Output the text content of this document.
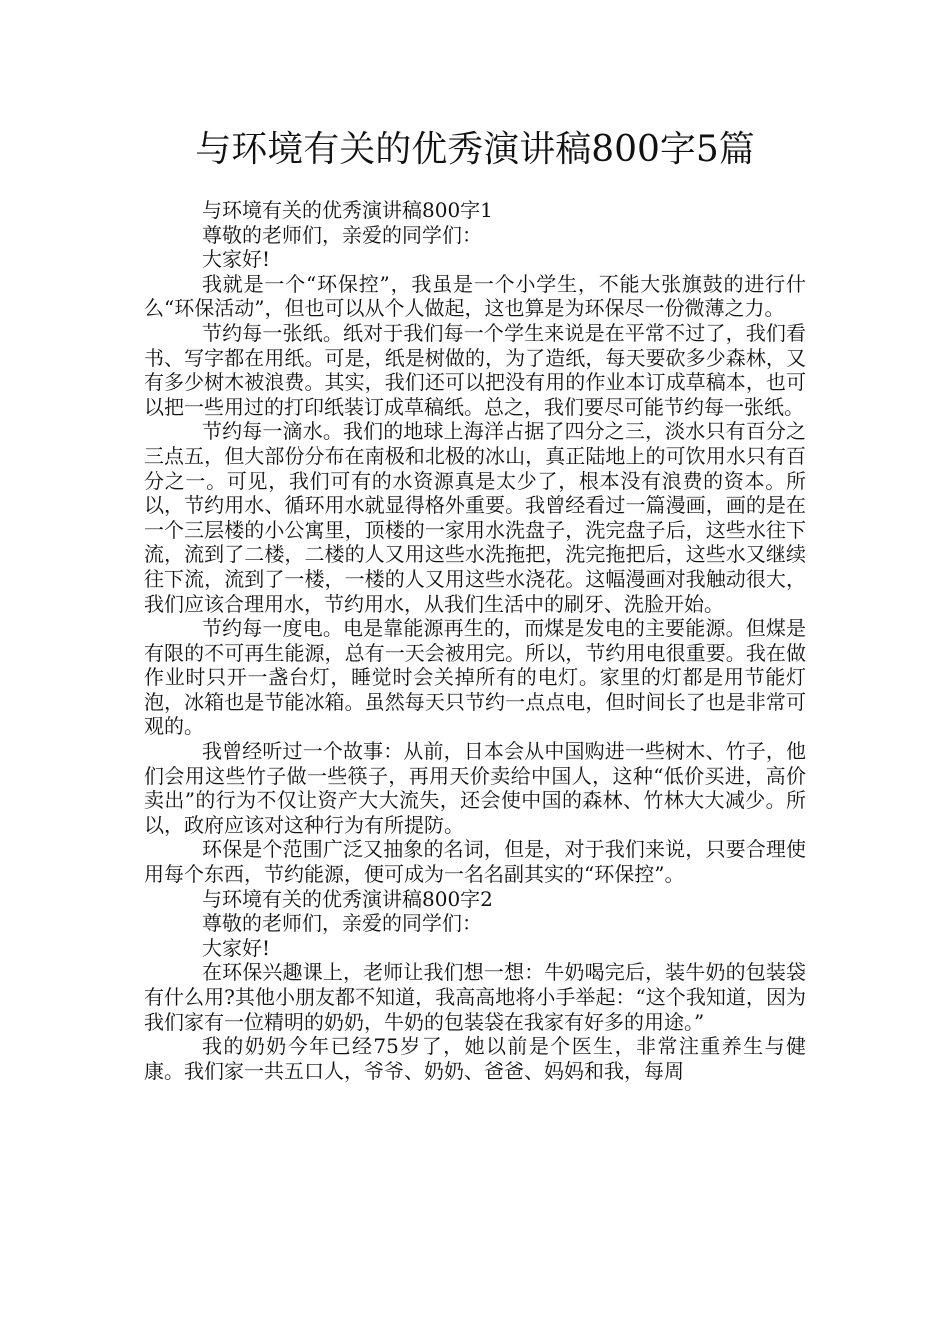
与环境有关的优秀演讲稿800字5篇

与环境有关的优秀演讲稿800字1

尊敬的老师们，亲爱的同学们：

大家好!

我就是一个“环保控”，我虽是一个小学生，不能大张旗鼓的进行什么“环保活动”，但也可以从个人做起，这也算是为环保尽一份微薄之力。

节约每一张纸。纸对于我们每一个学生来说是在平常不过了，我们看书、写字都在用纸。可是，纸是树做的，为了造纸，每天要砍多少森林，又有多少树木被浪费。其实，我们还可以把没有用的作业本订成草稿本，也可以把一些用过的打印纸装订成草稿纸。总之，我们要尽可能节约每一张纸。

节约每一滴水。我们的地球上海洋占据了四分之三，淡水只有百分之三点五，但大部份分布在南极和北极的冰山，真正陆地上的可饮用水只有百分之一。可见，我们可有的水资源真是太少了，根本没有浪费的资本。所以，节约用水、循环用水就显得格外重要。我曾经看过一篇漫画，画的是在一个三层楼的小公寓里，顶楼的一家用水洗盘子，洗完盘子后，这些水往下流，流到了二楼，二楼的人又用这些水洗拖把，洗完拖把后，这些水又继续往下流，流到了一楼，一楼的人又用这些水浇花。这幅漫画对我触动很大，我们应该合理用水，节约用水，从我们生活中的刷牙、洗脸开始。

节约每一度电。电是靠能源再生的，而煤是发电的主要能源。但煤是有限的不可再生能源，总有一天会被用完。所以，节约用电很重要。我在做作业时只开一盏台灯，睡觉时会关掉所有的电灯。家里的灯都是用节能灯泡，冰箱也是节能冰箱。虽然每天只节约一点点电，但时间长了也是非常可观的。

我曾经听过一个故事：从前，日本会从中国购进一些树木、竹子，他们会用这些竹子做一些筷子，再用天价卖给中国人，这种“低价买进，高价卖出”的行为不仅让资产大大流失，还会使中国的森林、竹林大大减少。所以，政府应该对这种行为有所提防。

环保是个范围广泛又抽象的名词，但是，对于我们来说，只要合理使用每个东西，节约能源，便可成为一名名副其实的“环保控”。

与环境有关的优秀演讲稿800字2

尊敬的老师们，亲爱的同学们：

大家好!

在环保兴趣课上，老师让我们想一想：牛奶喝完后，装牛奶的包装袋有什么用?其他小朋友都不知道，我高高地将小手举起：“这个我知道，因为我们家有一位精明的奶奶，牛奶的包装袋在我家有好多的用途。”

我的奶奶今年已经75岁了，她以前是个医生，非常注重养生与健康。我们家一共五口人，爷爷、奶奶、爸爸、妈妈和我，每周
